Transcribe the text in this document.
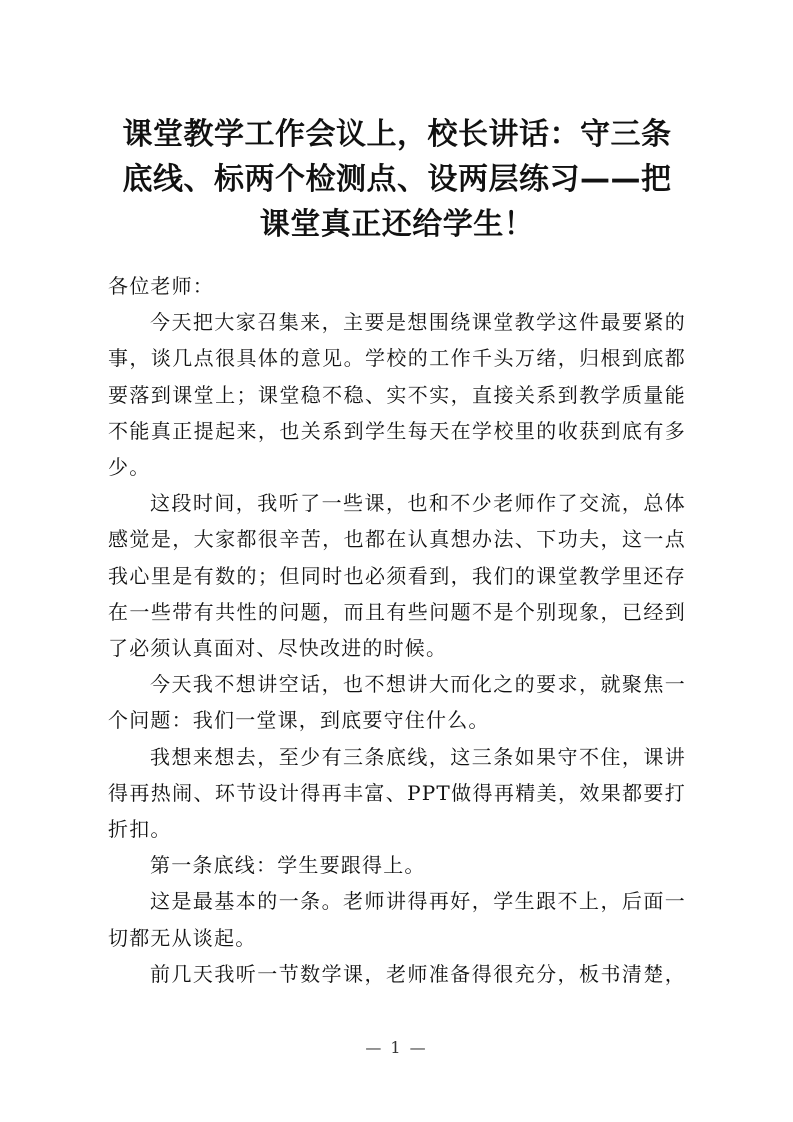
课堂教学工作会议上，校长讲话：守三条
底线、标两个检测点、设两层练习——把
课堂真正还给学生！

各位老师：

今天把大家召集来，主要是想围绕课堂教学这件最要紧的事，谈几点很具体的意见。学校的工作千头万绪，归根到底都要落到课堂上；课堂稳不稳、实不实，直接关系到教学质量能不能真正提起来，也关系到学生每天在学校里的收获到底有多少。

这段时间，我听了一些课，也和不少老师作了交流，总体感觉是，大家都很辛苦，也都在认真想办法、下功夫，这一点我心里是有数的；但同时也必须看到，我们的课堂教学里还存在一些带有共性的问题，而且有些问题不是个别现象，已经到了必须认真面对、尽快改进的时候。

今天我不想讲空话，也不想讲大而化之的要求，就聚焦一个问题：我们一堂课，到底要守住什么。

我想来想去，至少有三条底线，这三条如果守不住，课讲得再热闹、环节设计得再丰富、PPT做得再精美，效果都要打折扣。

第一条底线：学生要跟得上。

这是最基本的一条。老师讲得再好，学生跟不上，后面一切都无从谈起。

前几天我听一节数学课，老师准备得很充分，板书清楚，

— 1 —
